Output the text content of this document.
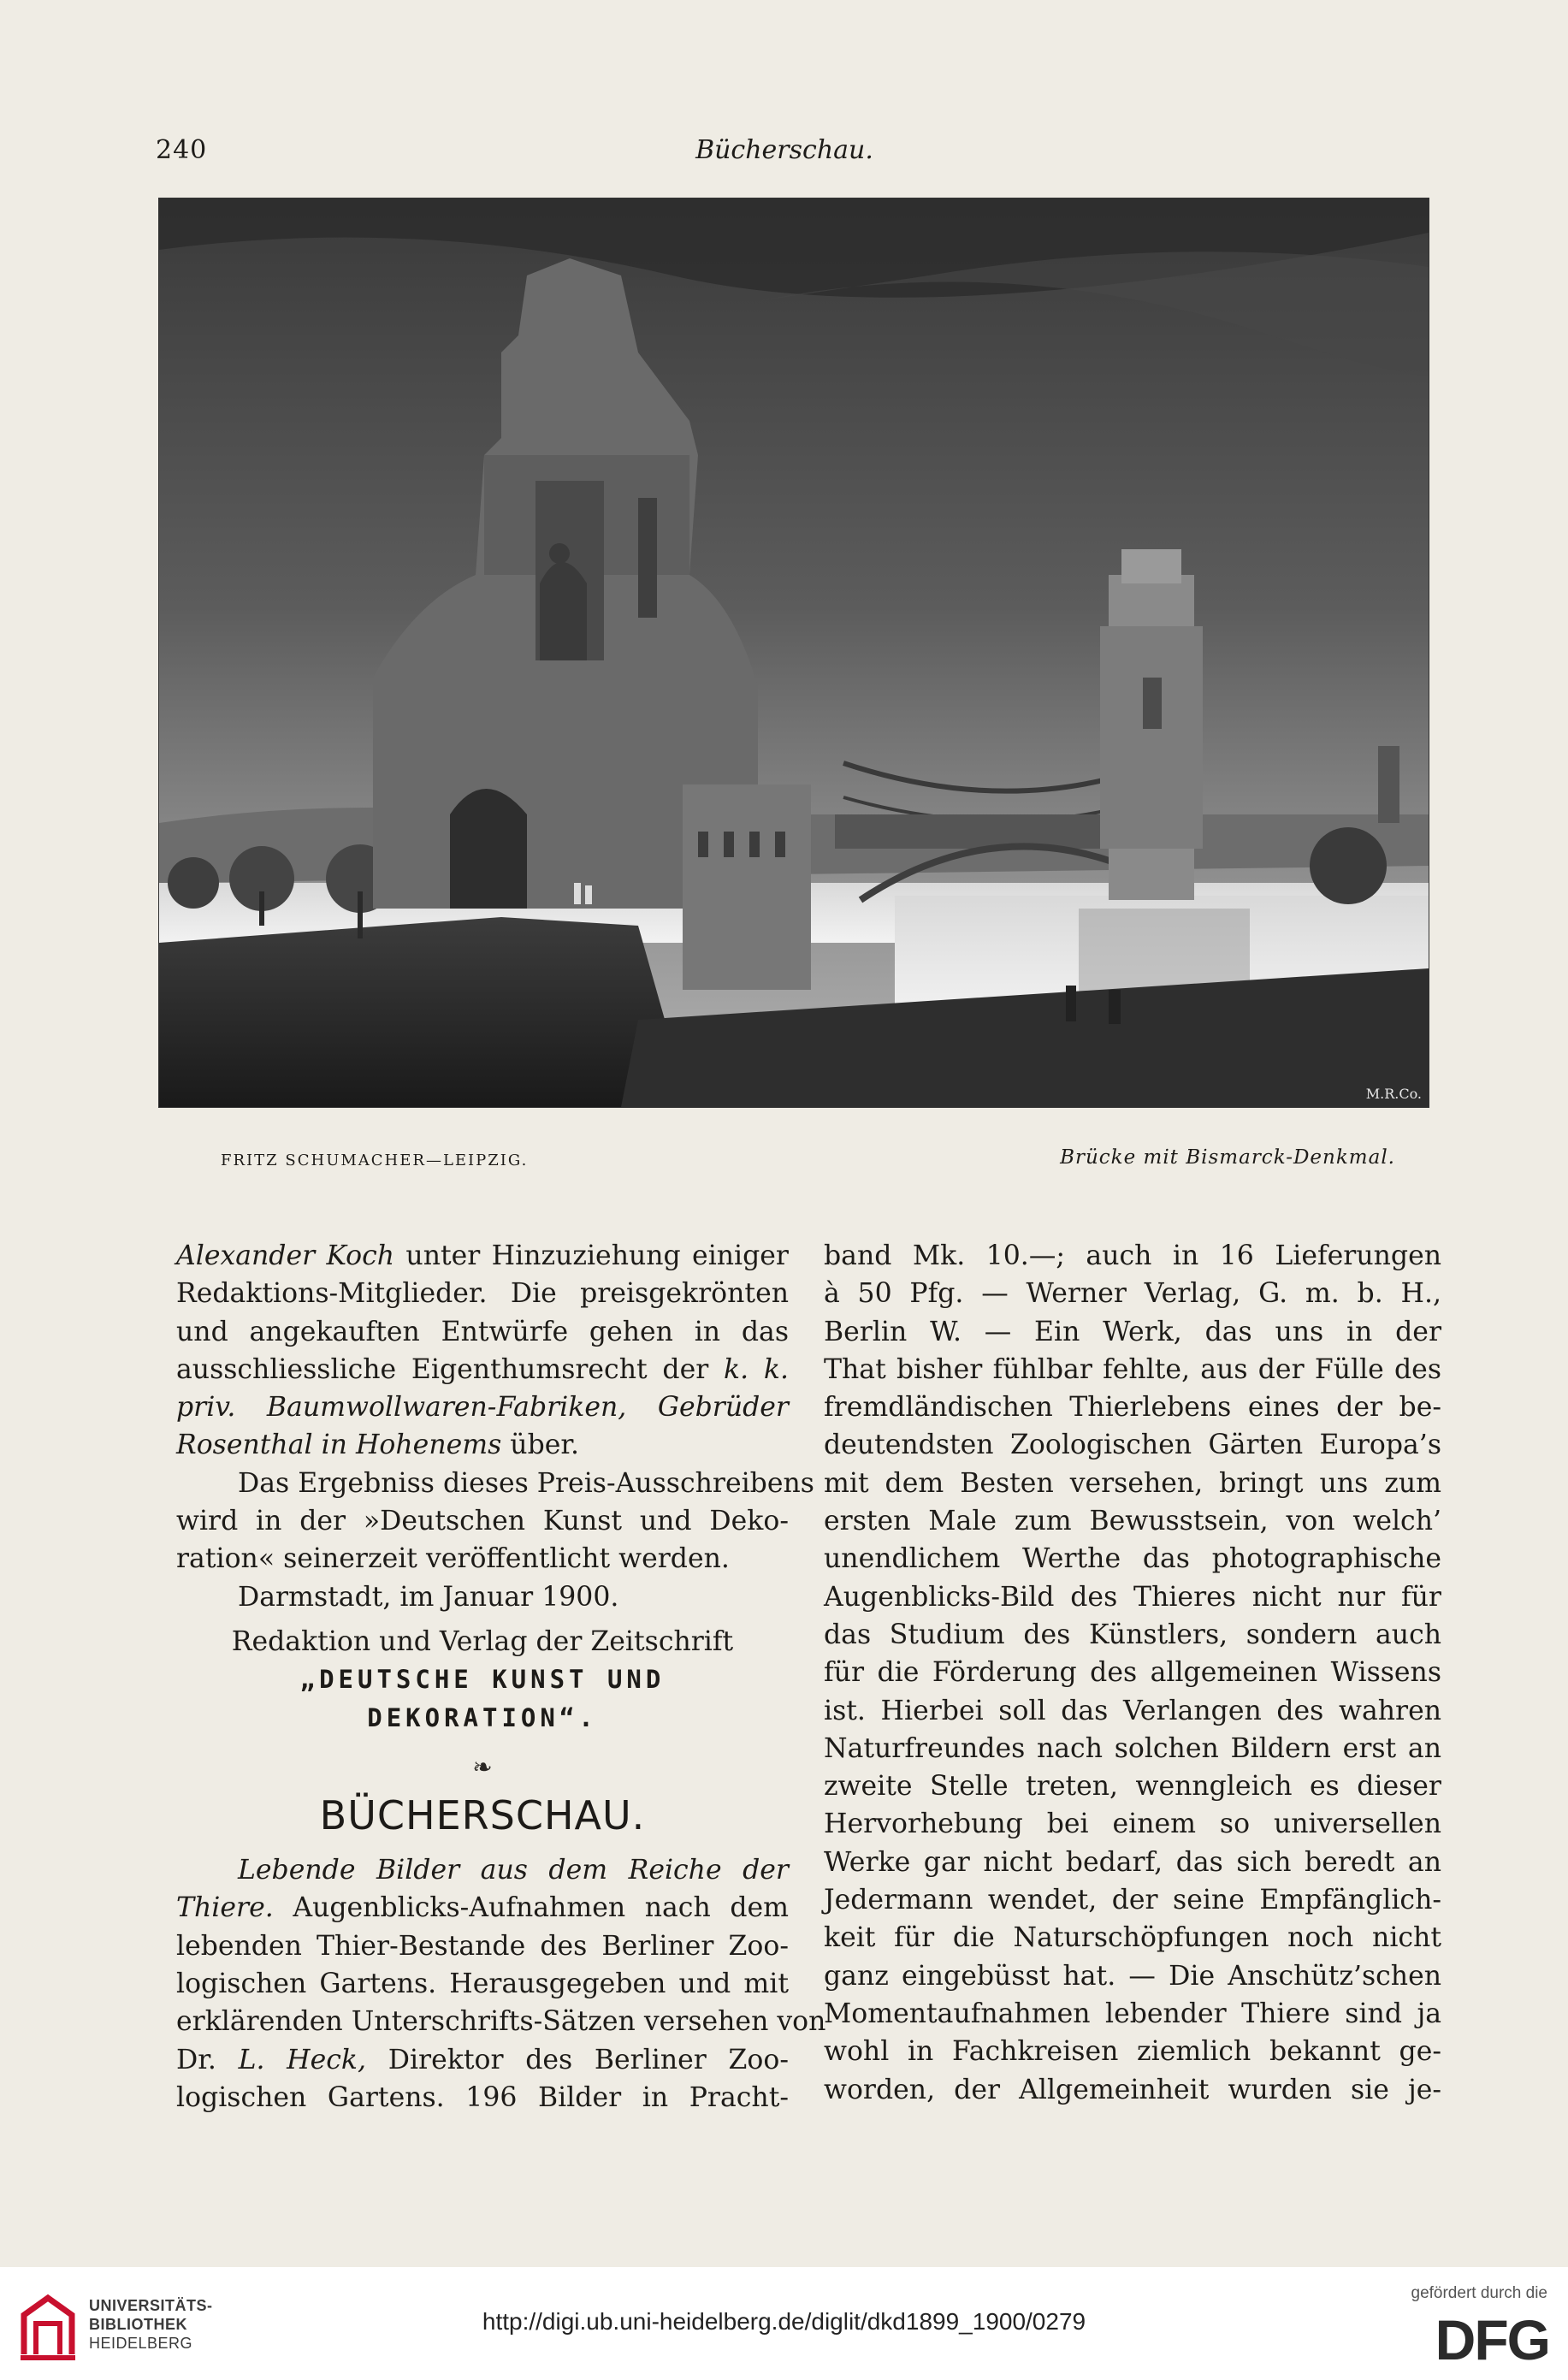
240	Bücherschau.
M.R.Co.
FRITZ SCHUMACHER—LEIPZIG.	Brücke mit Bismarck-Denkmal.
Alexander Koch unter Hinzuziehung einiger
Redaktions-Mitglieder. Die preisgekrönten
und angekauften Entwürfe gehen in das
ausschliessliche Eigenthumsrecht der k. k.
priv. Baumwollwaren-Fabriken, Gebrüder
Rosenthal in Hohenems über.
Das Ergebniss dieses Preis-Ausschreibens
wird in der »Deutschen Kunst und Deko-
ration« seinerzeit veröffentlicht werden.

Darmstadt, im Januar 1900.

Redaktion und Verlag der Zeitschrift

„DEUTSCHE KUNST UND DEKORATION“.

❧
BÜCHERSCHAU.
Lebende Bilder aus dem Reiche der
Thiere. Augenblicks-Aufnahmen nach dem
lebenden Thier-Bestande des Berliner Zoo-
logischen Gartens. Herausgegeben und mit
erklärenden Unterschrifts-Sätzen versehen von
Dr. L. Heck, Direktor des Berliner Zoo-
logischen Gartens. 196 Bilder in Pracht-
band Mk. 10.—; auch in 16 Lieferungen
à 50 Pfg. — Werner Verlag, G. m. b. H.,
Berlin W. — Ein Werk, das uns in der
That bisher fühlbar fehlte, aus der Fülle des
fremdländischen Thierlebens eines der be-
deutendsten Zoologischen Gärten Europa’s
mit dem Besten versehen, bringt uns zum
ersten Male zum Bewusstsein, von welch’
unendlichem Werthe das photographische
Augenblicks-Bild des Thieres nicht nur für
das Studium des Künstlers, sondern auch
für die Förderung des allgemeinen Wissens
ist. Hierbei soll das Verlangen des wahren
Naturfreundes nach solchen Bildern erst an
zweite Stelle treten, wenngleich es dieser
Hervorhebung bei einem so universellen
Werke gar nicht bedarf, das sich beredt an
Jedermann wendet, der seine Empfänglich-
keit für die Naturschöpfungen noch nicht
ganz eingebüsst hat. — Die Anschütz’schen
Momentaufnahmen lebender Thiere sind ja
wohl in Fachkreisen ziemlich bekannt ge-
worden, der Allgemeinheit wurden sie je-
UNIVERSITÄTS-
BIBLIOTHEK
HEIDELBERG
http://digi.ub.uni-heidelberg.de/diglit/dkd1899_1900/0279
gefördert durch die
DFG
